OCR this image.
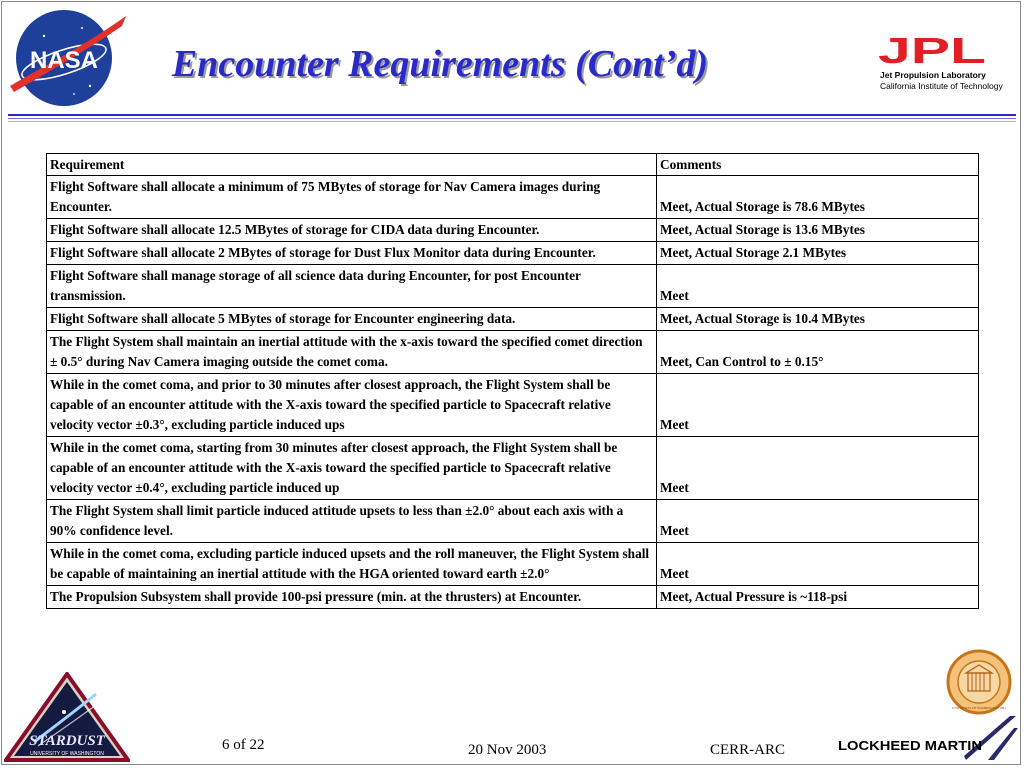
NASA	Encounter Requirements (Cont’d)	JPL
Jet Propulsion Laboratory
California Institute of Technology
Requirement	Comments
Flight Software shall allocate a minimum of 75 MBytes of storage for Nav Camera images during Encounter.	Meet, Actual Storage is 78.6 MBytes
Flight Software shall allocate 12.5 MBytes of storage for CIDA data during Encounter.	Meet, Actual Storage is 13.6 MBytes
Flight Software shall allocate 2 MBytes of storage for Dust Flux Monitor data during Encounter.	Meet, Actual Storage 2.1 MBytes
Flight Software shall manage storage of all science data during Encounter, for post Encounter transmission.	Meet
Flight Software shall allocate 5 MBytes of storage for Encounter engineering data.	Meet, Actual Storage is 10.4 MBytes
The Flight System shall maintain an inertial attitude with the x-axis toward the specified comet direction ± 0.5° during Nav Camera imaging outside the comet coma.	Meet, Can Control to ± 0.15°
While in the comet coma, and prior to 30 minutes after closest approach, the Flight System shall be capable of an encounter attitude with the X-axis toward the specified particle to Spacecraft relative velocity vector ±0.3°, excluding particle induced ups	Meet
While in the comet coma, starting from 30 minutes after closest approach, the Flight System shall be capable of an encounter attitude with the X-axis toward the specified particle to Spacecraft relative velocity vector ±0.4°, excluding particle induced up	Meet
The Flight System shall limit particle induced attitude upsets to less than ±2.0° about each axis with a 90% confidence level.	Meet
While in the comet coma, excluding particle induced upsets and the roll maneuver, the Flight System shall be capable of maintaining an inertial attitude with the HGA oriented toward earth ±2.0°	Meet
The Propulsion Subsystem shall provide 100-psi pressure (min. at the thrusters) at Encounter.	Meet, Actual Pressure is ~118-psi
STARDUST
UNIVERSITY OF WASHINGTON
6 of 22	20 Nov 2003	CERR-ARC
UNIVERSITY OF WASHINGTON 1861
LOCKHEED MARTIN
